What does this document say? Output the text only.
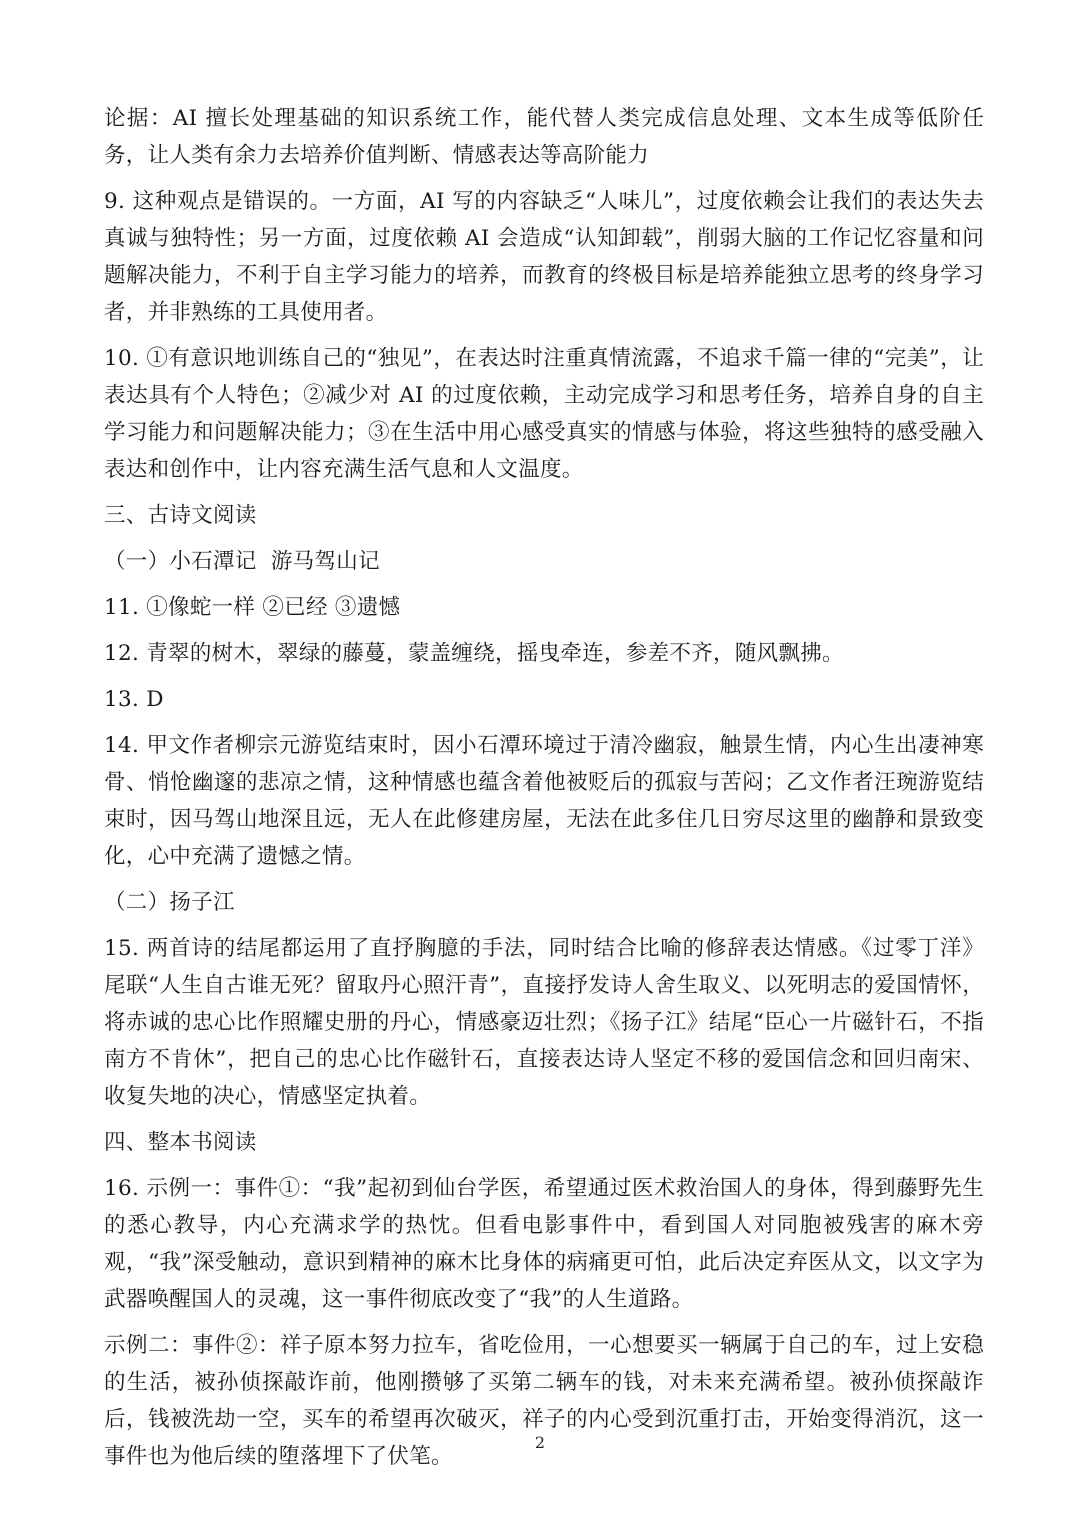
论据：AI 擅长处理基础的知识系统工作，能代替人类完成信息处理、文本生成等低阶任务，让人类有余力去培养价值判断、情感表达等高阶能力

9. 这种观点是错误的。一方面，AI 写的内容缺乏“人味儿”，过度依赖会让我们的表达失去真诚与独特性；另一方面，过度依赖 AI 会造成“认知卸载”，削弱大脑的工作记忆容量和问题解决能力，不利于自主学习能力的培养，而教育的终极目标是培养能独立思考的终身学习者，并非熟练的工具使用者。

10. ①有意识地训练自己的“独见”，在表达时注重真情流露，不追求千篇一律的“完美”，让表达具有个人特色；②减少对 AI 的过度依赖，主动完成学习和思考任务，培养自身的自主学习能力和问题解决能力；③在生活中用心感受真实的情感与体验，将这些独特的感受融入表达和创作中，让内容充满生活气息和人文温度。

三、古诗文阅读

（一）小石潭记  游马驾山记

11. ①像蛇一样 ②已经 ③遗憾

12. 青翠的树木，翠绿的藤蔓，蒙盖缠绕，摇曳牵连，参差不齐，随风飘拂。

13. D

14. 甲文作者柳宗元游览结束时，因小石潭环境过于清冷幽寂，触景生情，内心生出凄神寒骨、悄怆幽邃的悲凉之情，这种情感也蕴含着他被贬后的孤寂与苦闷；乙文作者汪琬游览结束时，因马驾山地深且远，无人在此修建房屋，无法在此多住几日穷尽这里的幽静和景致变化，心中充满了遗憾之情。

（二）扬子江

15. 两首诗的结尾都运用了直抒胸臆的手法，同时结合比喻的修辞表达情感。《过零丁洋》尾联“人生自古谁无死？留取丹心照汗青”，直接抒发诗人舍生取义、以死明志的爱国情怀，将赤诚的忠心比作照耀史册的丹心，情感豪迈壮烈；《扬子江》结尾“臣心一片磁针石，不指南方不肯休”，把自己的忠心比作磁针石，直接表达诗人坚定不移的爱国信念和回归南宋、收复失地的决心，情感坚定执着。

四、整本书阅读

16. 示例一：事件①：“我”起初到仙台学医，希望通过医术救治国人的身体，得到藤野先生的悉心教导，内心充满求学的热忱。但看电影事件中，看到国人对同胞被残害的麻木旁观，“我”深受触动，意识到精神的麻木比身体的病痛更可怕，此后决定弃医从文，以文字为武器唤醒国人的灵魂，这一事件彻底改变了“我”的人生道路。

示例二：事件②：祥子原本努力拉车，省吃俭用，一心想要买一辆属于自己的车，过上安稳的生活，被孙侦探敲诈前，他刚攒够了买第二辆车的钱，对未来充满希望。被孙侦探敲诈后，钱被洗劫一空，买车的希望再次破灭，祥子的内心受到沉重打击，开始变得消沉，这一事件也为他后续的堕落埋下了伏笔。

2
